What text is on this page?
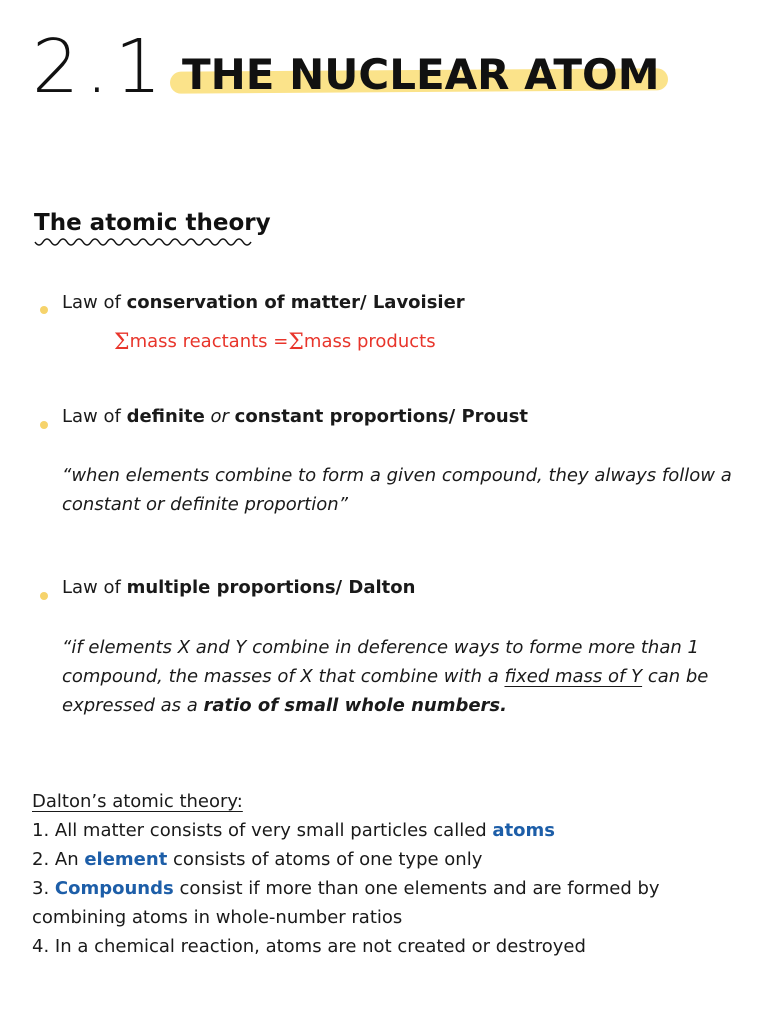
2.1 THE NUCLEAR ATOM
The atomic theory
Law of conservation of matter/ Lavoisier
Σmass reactants =Σmass products
Law of definite or constant proportions/ Proust
“when elements combine to form a given compound, they always follow a constant or definite proportion”
Law of multiple proportions/ Dalton
“if elements X and Y combine in deference ways to forme more than 1 compound, the masses of X that combine with a fixed mass of Y can be expressed as a ratio of small whole numbers.
Dalton’s atomic theory:
1. All matter consists of very small particles called atoms
2. An element consists of atoms of one type only
3. Compounds consist if more than one elements and are formed by combining atoms in whole-number ratios
4. In a chemical reaction, atoms are not created or destroyed
